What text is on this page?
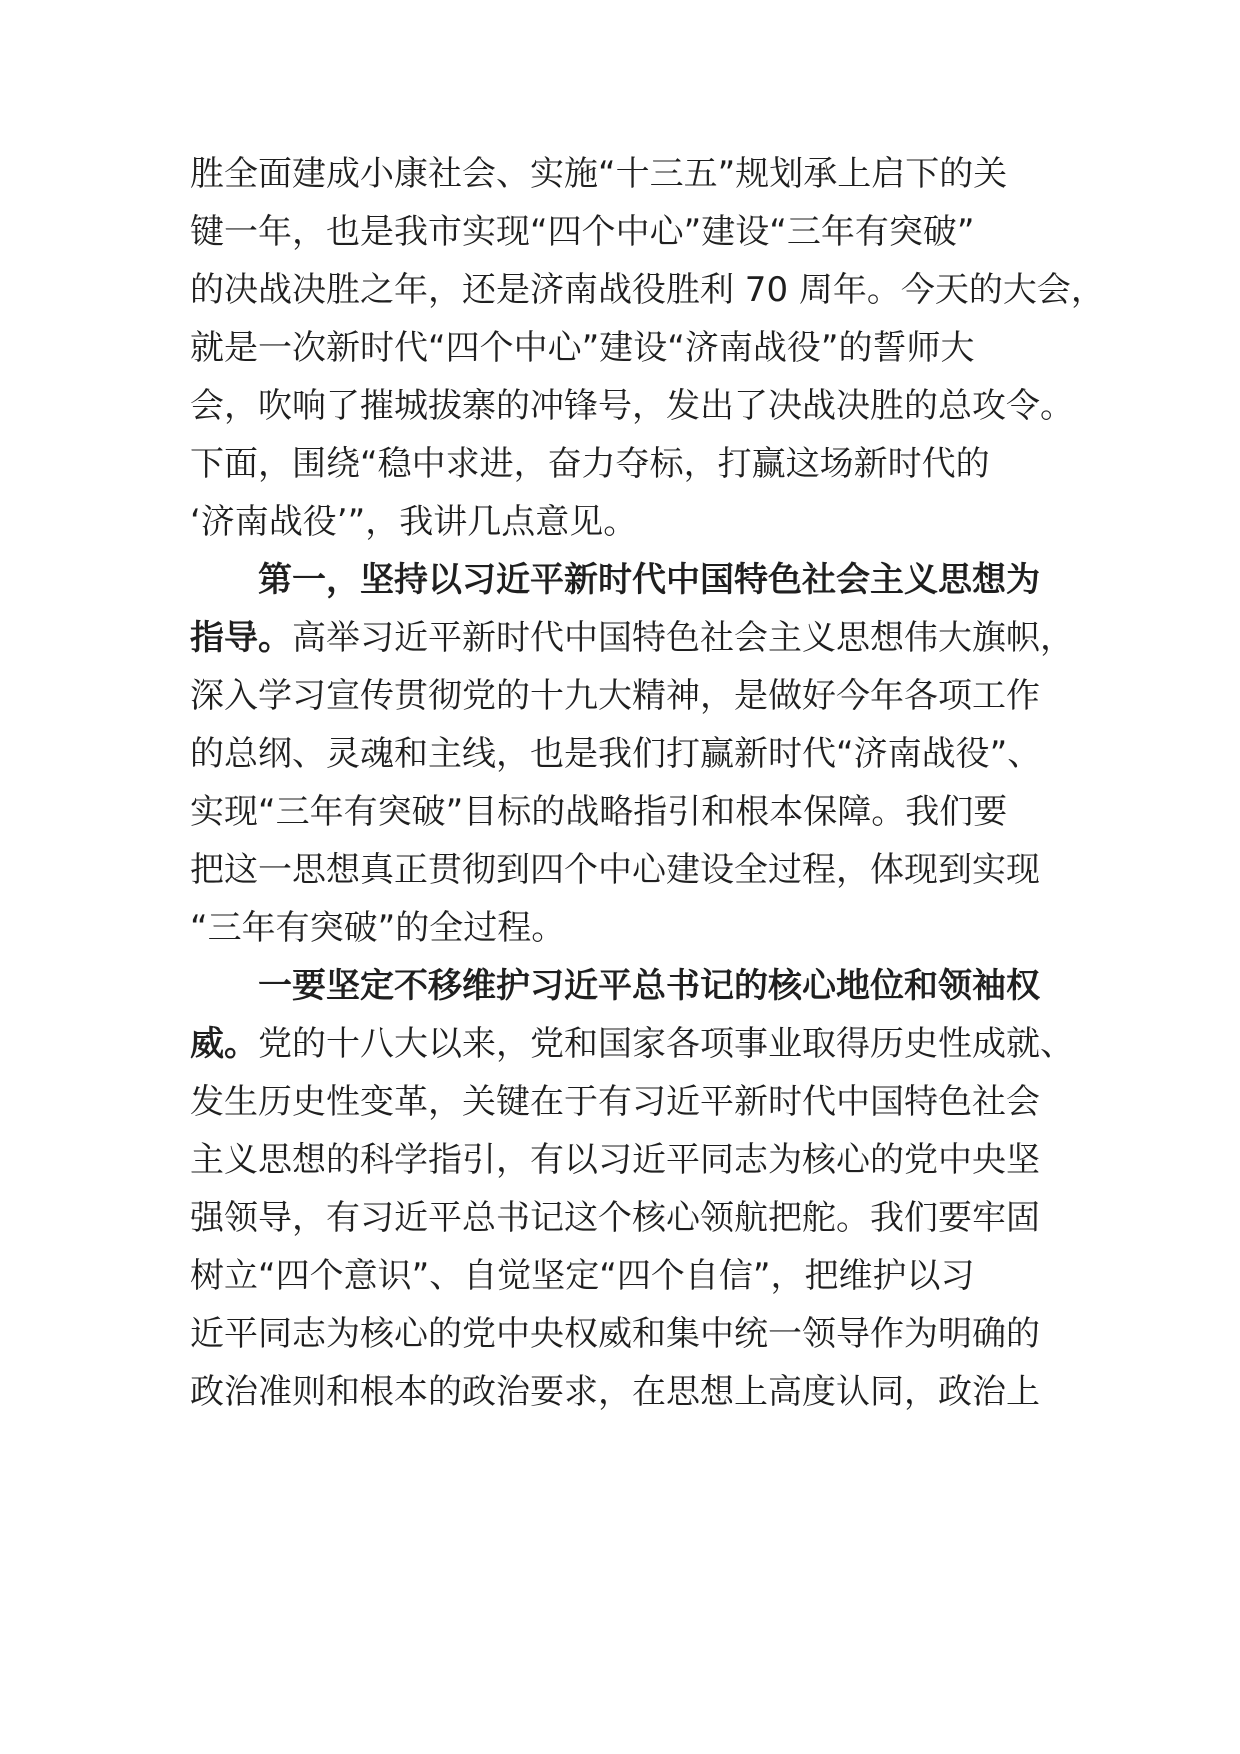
胜全面建成小康社会、实施“十三五”规划承上启下的关
键一年，也是我市实现“四个中心”建设“三年有突破”
的决战决胜之年，还是济南战役胜利 70 周年。今天的大会，
就是一次新时代“四个中心”建设“济南战役”的誓师大
会，吹响了摧城拔寨的冲锋号，发出了决战决胜的总攻令。
下面，围绕“稳中求进，奋力夺标，打赢这场新时代的
‘济南战役’”，我讲几点意见。
第一，坚持以习近平新时代中国特色社会主义思想为
指导。高举习近平新时代中国特色社会主义思想伟大旗帜，
深入学习宣传贯彻党的十九大精神，是做好今年各项工作
的总纲、灵魂和主线，也是我们打赢新时代“济南战役”、
实现“三年有突破”目标的战略指引和根本保障。我们要
把这一思想真正贯彻到四个中心建设全过程，体现到实现
“三年有突破”的全过程。
一要坚定不移维护习近平总书记的核心地位和领袖权
威。党的十八大以来，党和国家各项事业取得历史性成就、
发生历史性变革，关键在于有习近平新时代中国特色社会
主义思想的科学指引，有以习近平同志为核心的党中央坚
强领导，有习近平总书记这个核心领航把舵。我们要牢固
树立“四个意识”、自觉坚定“四个自信”，把维护以习
近平同志为核心的党中央权威和集中统一领导作为明确的
政治准则和根本的政治要求，在思想上高度认同，政治上
